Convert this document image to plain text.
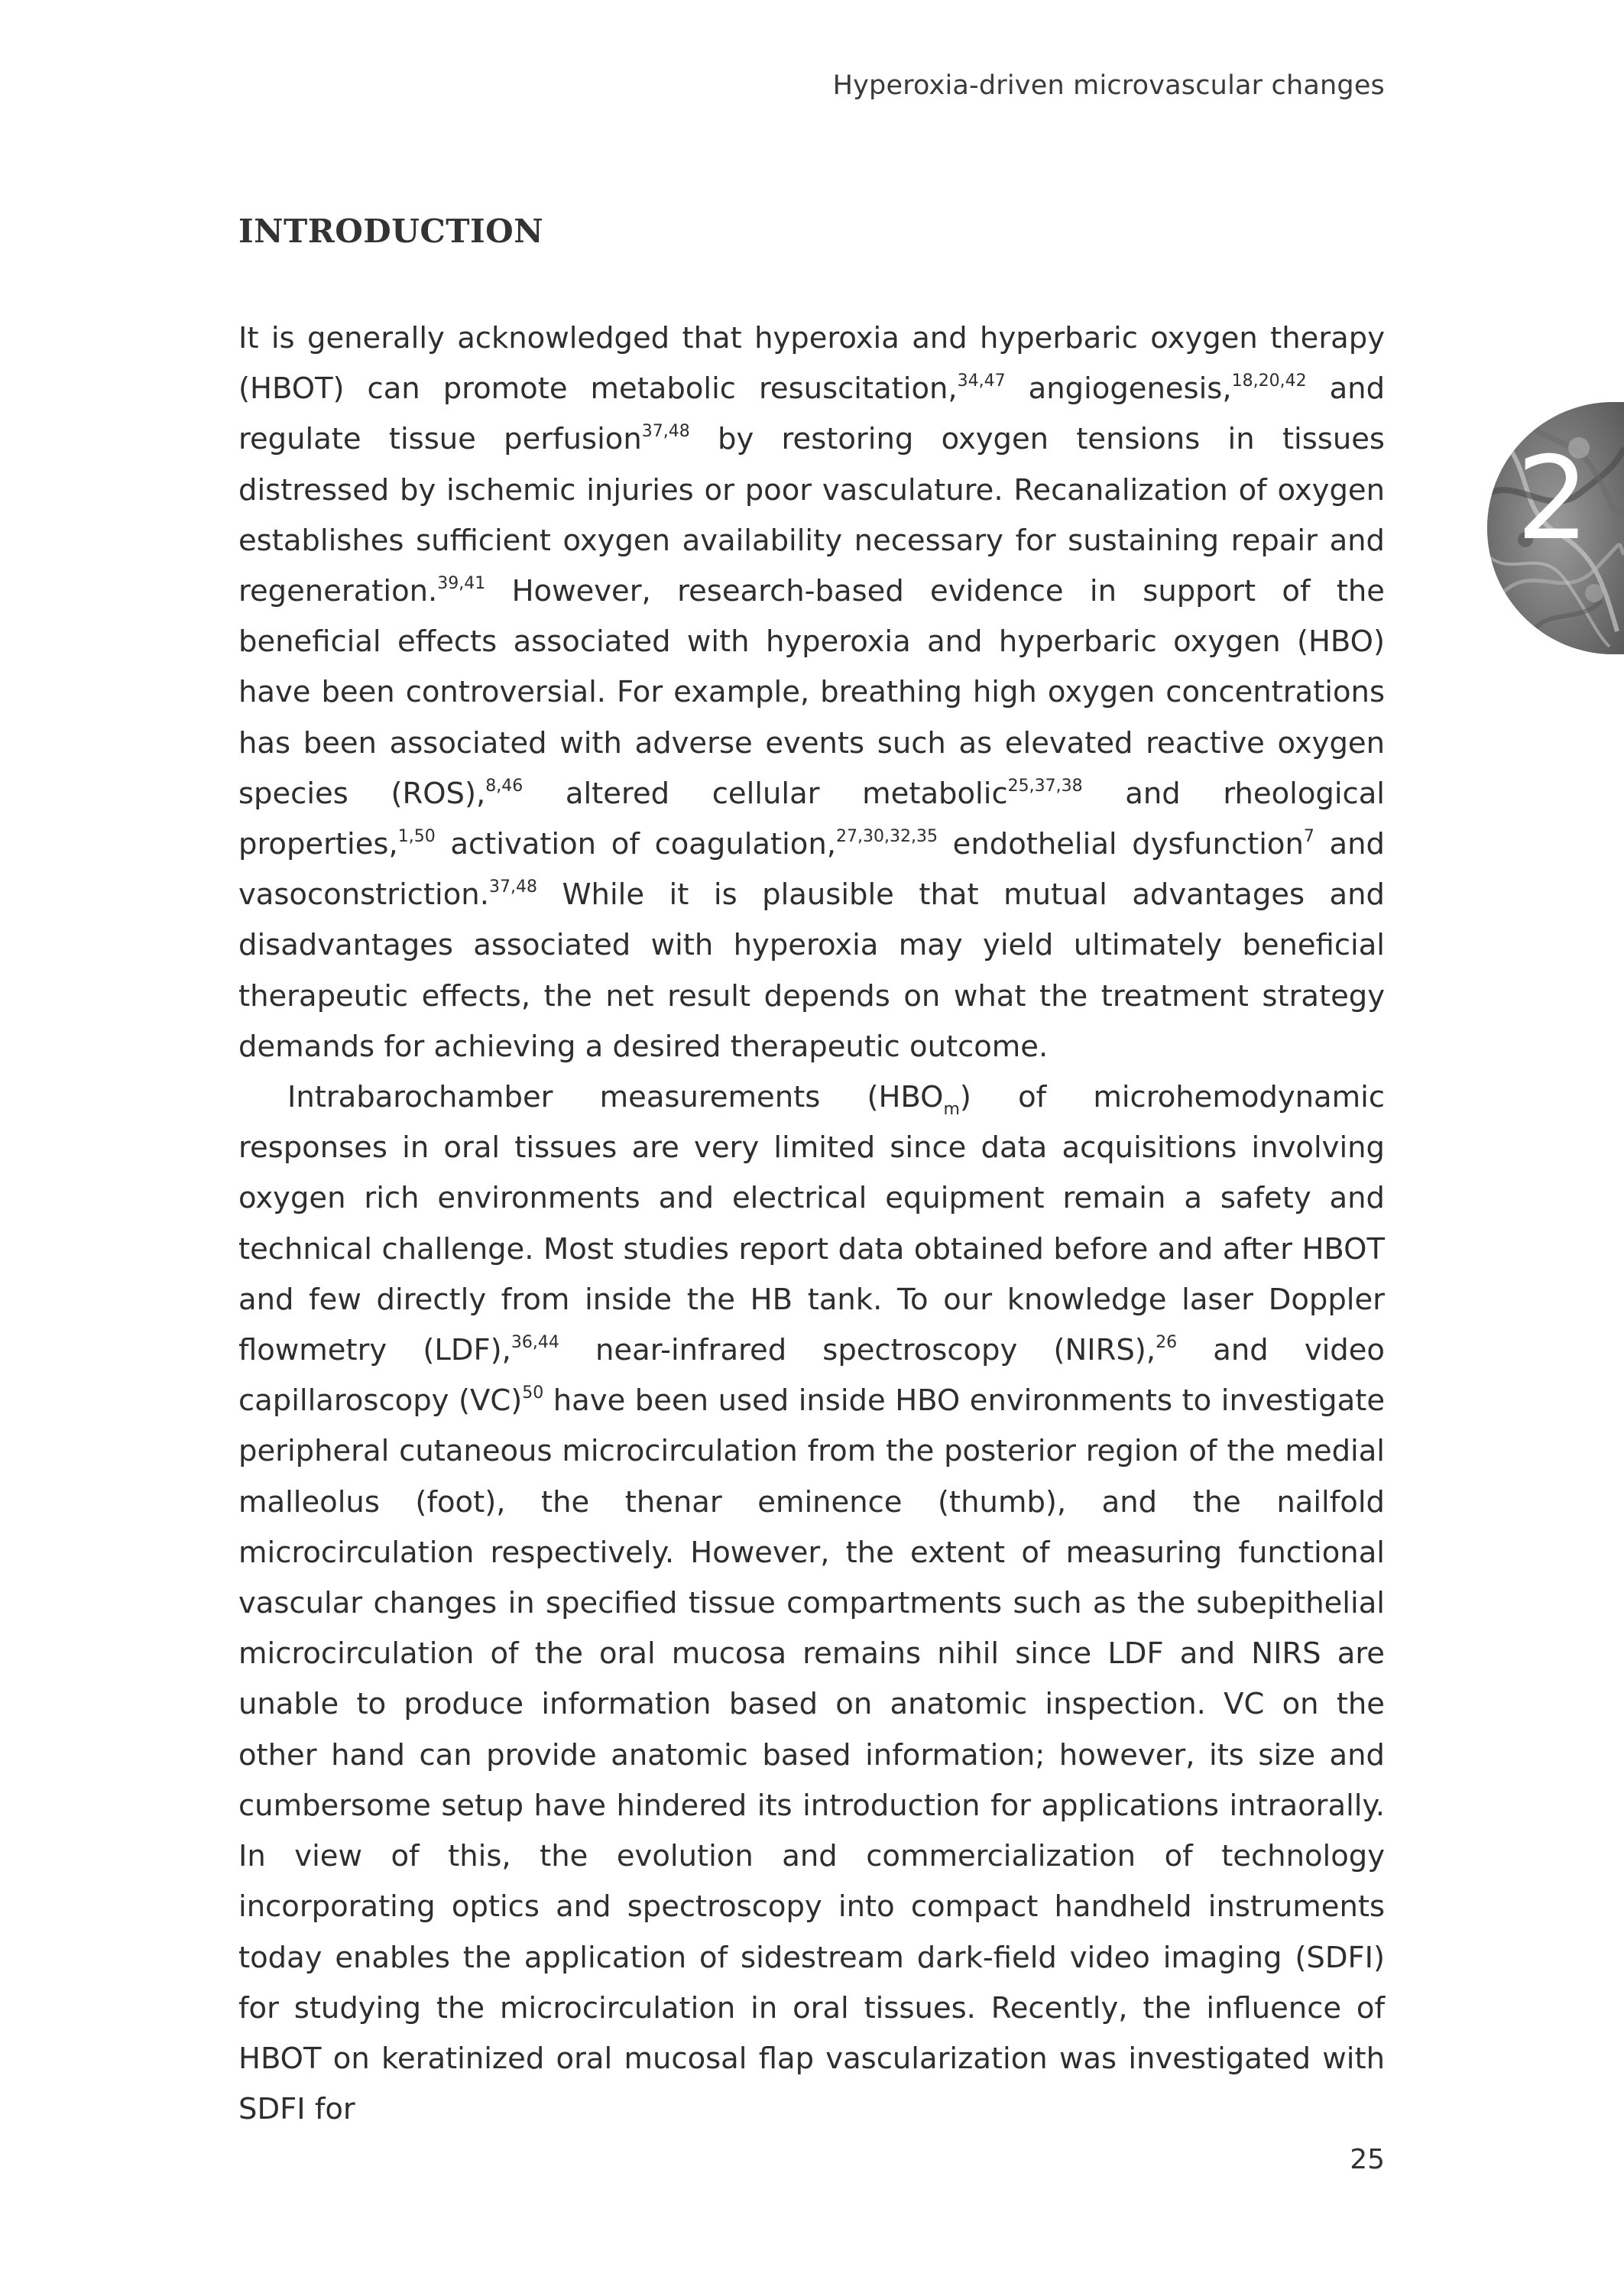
Hyperoxia-driven microvascular changes
INTRODUCTION
2

It is generally acknowledged that hyperoxia and hyperbaric oxygen therapy (HBOT) can promote metabolic resuscitation,$^{34,47}$ angiogenesis,$^{18,20,42}$ and regulate tissue perfusion$^{37,48}$ by restoring oxygen tensions in tissues distressed by ischemic injuries or poor vasculature. Recanalization of oxygen establishes sufficient oxygen availability necessary for sustaining repair and regeneration.$^{39,41}$ However, research-based evidence in support of the beneficial effects associated with hyperoxia and hyperbaric oxygen (HBO) have been controversial. For example, breathing high oxygen concentrations has been associated with adverse events such as elevated reactive oxygen species (ROS),$^{8,46}$ altered cellular metabolic$^{25,37,38}$ and rheological properties,$^{1,50}$ activation of coagulation,$^{27,30,32,35}$ endothelial dysfunction$^7$ and vasoconstriction.$^{37,48}$ While it is plausible that mutual advantages and disadvantages associated with hyperoxia may yield ultimately beneficial therapeutic effects, the net result depends on what the treatment strategy demands for achieving a desired therapeutic outcome.

Intrabarochamber measurements $(HBO_m)$ of microhemodynamic responses in oral tissues are very limited since data acquisitions involving oxygen rich environments and electrical equipment remain a safety and technical challenge. Most studies report data obtained before and after HBOT and few directly from inside the HB tank. To our knowledge laser Doppler flowmetry (LDF),$^{36,44}$ near-infrared spectroscopy (NIRS),$^{26}$ and video capillaroscopy (VC)$^{50}$ have been used inside HBO environments to investigate peripheral cutaneous microcirculation from the posterior region of the medial malleolus (foot), the thenar eminence (thumb), and the nailfold microcirculation respectively. However, the extent of measuring functional vascular changes in specified tissue compartments such as the subepithelial microcirculation of the oral mucosa remains nihil since LDF and NIRS are unable to produce information based on anatomic inspection. VC on the other hand can provide anatomic based information; however, its size and cumbersome setup have hindered its introduction for applications intraorally. In view of this, the evolution and commercialization of technology incorporating optics and spectroscopy into compact handheld instruments today enables the application of sidestream dark-field video imaging (SDFI) for studying the microcirculation in oral tissues. Recently, the influence of HBOT on keratinized oral mucosal flap vascularization was investigated with SDFI for

25
